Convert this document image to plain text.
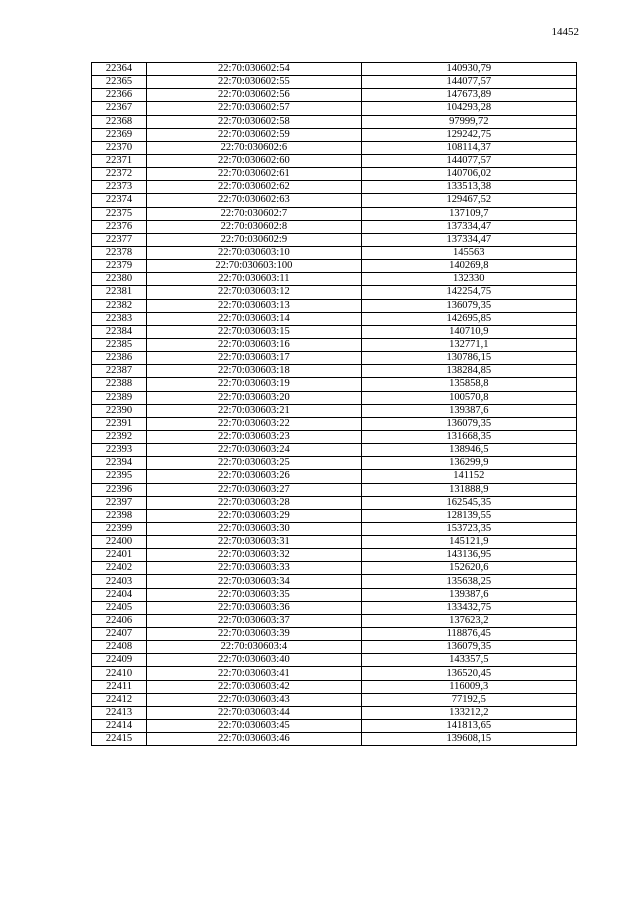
14452
22364	22:70:030602:54	140930,79
22365	22:70:030602:55	144077,57
22366	22:70:030602:56	147673,89
22367	22:70:030602:57	104293,28
22368	22:70:030602:58	97999,72
22369	22:70:030602:59	129242,75
22370	22:70:030602:6	108114,37
22371	22:70:030602:60	144077,57
22372	22:70:030602:61	140706,02
22373	22:70:030602:62	133513,38
22374	22:70:030602:63	129467,52
22375	22:70:030602:7	137109,7
22376	22:70:030602:8	137334,47
22377	22:70:030602:9	137334,47
22378	22:70:030603:10	145563
22379	22:70:030603:100	140269,8
22380	22:70:030603:11	132330
22381	22:70:030603:12	142254,75
22382	22:70:030603:13	136079,35
22383	22:70:030603:14	142695,85
22384	22:70:030603:15	140710,9
22385	22:70:030603:16	132771,1
22386	22:70:030603:17	130786,15
22387	22:70:030603:18	138284,85
22388	22:70:030603:19	135858,8
22389	22:70:030603:20	100570,8
22390	22:70:030603:21	139387,6
22391	22:70:030603:22	136079,35
22392	22:70:030603:23	131668,35
22393	22:70:030603:24	138946,5
22394	22:70:030603:25	136299,9
22395	22:70:030603:26	141152
22396	22:70:030603:27	131888,9
22397	22:70:030603:28	162545,35
22398	22:70:030603:29	128139,55
22399	22:70:030603:30	153723,35
22400	22:70:030603:31	145121,9
22401	22:70:030603:32	143136,95
22402	22:70:030603:33	152620,6
22403	22:70:030603:34	135638,25
22404	22:70:030603:35	139387,6
22405	22:70:030603:36	133432,75
22406	22:70:030603:37	137623,2
22407	22:70:030603:39	118876,45
22408	22:70:030603:4	136079,35
22409	22:70:030603:40	143357,5
22410	22:70:030603:41	136520,45
22411	22:70:030603:42	116009,3
22412	22:70:030603:43	77192,5
22413	22:70:030603:44	133212,2
22414	22:70:030603:45	141813,65
22415	22:70:030603:46	139608,15
